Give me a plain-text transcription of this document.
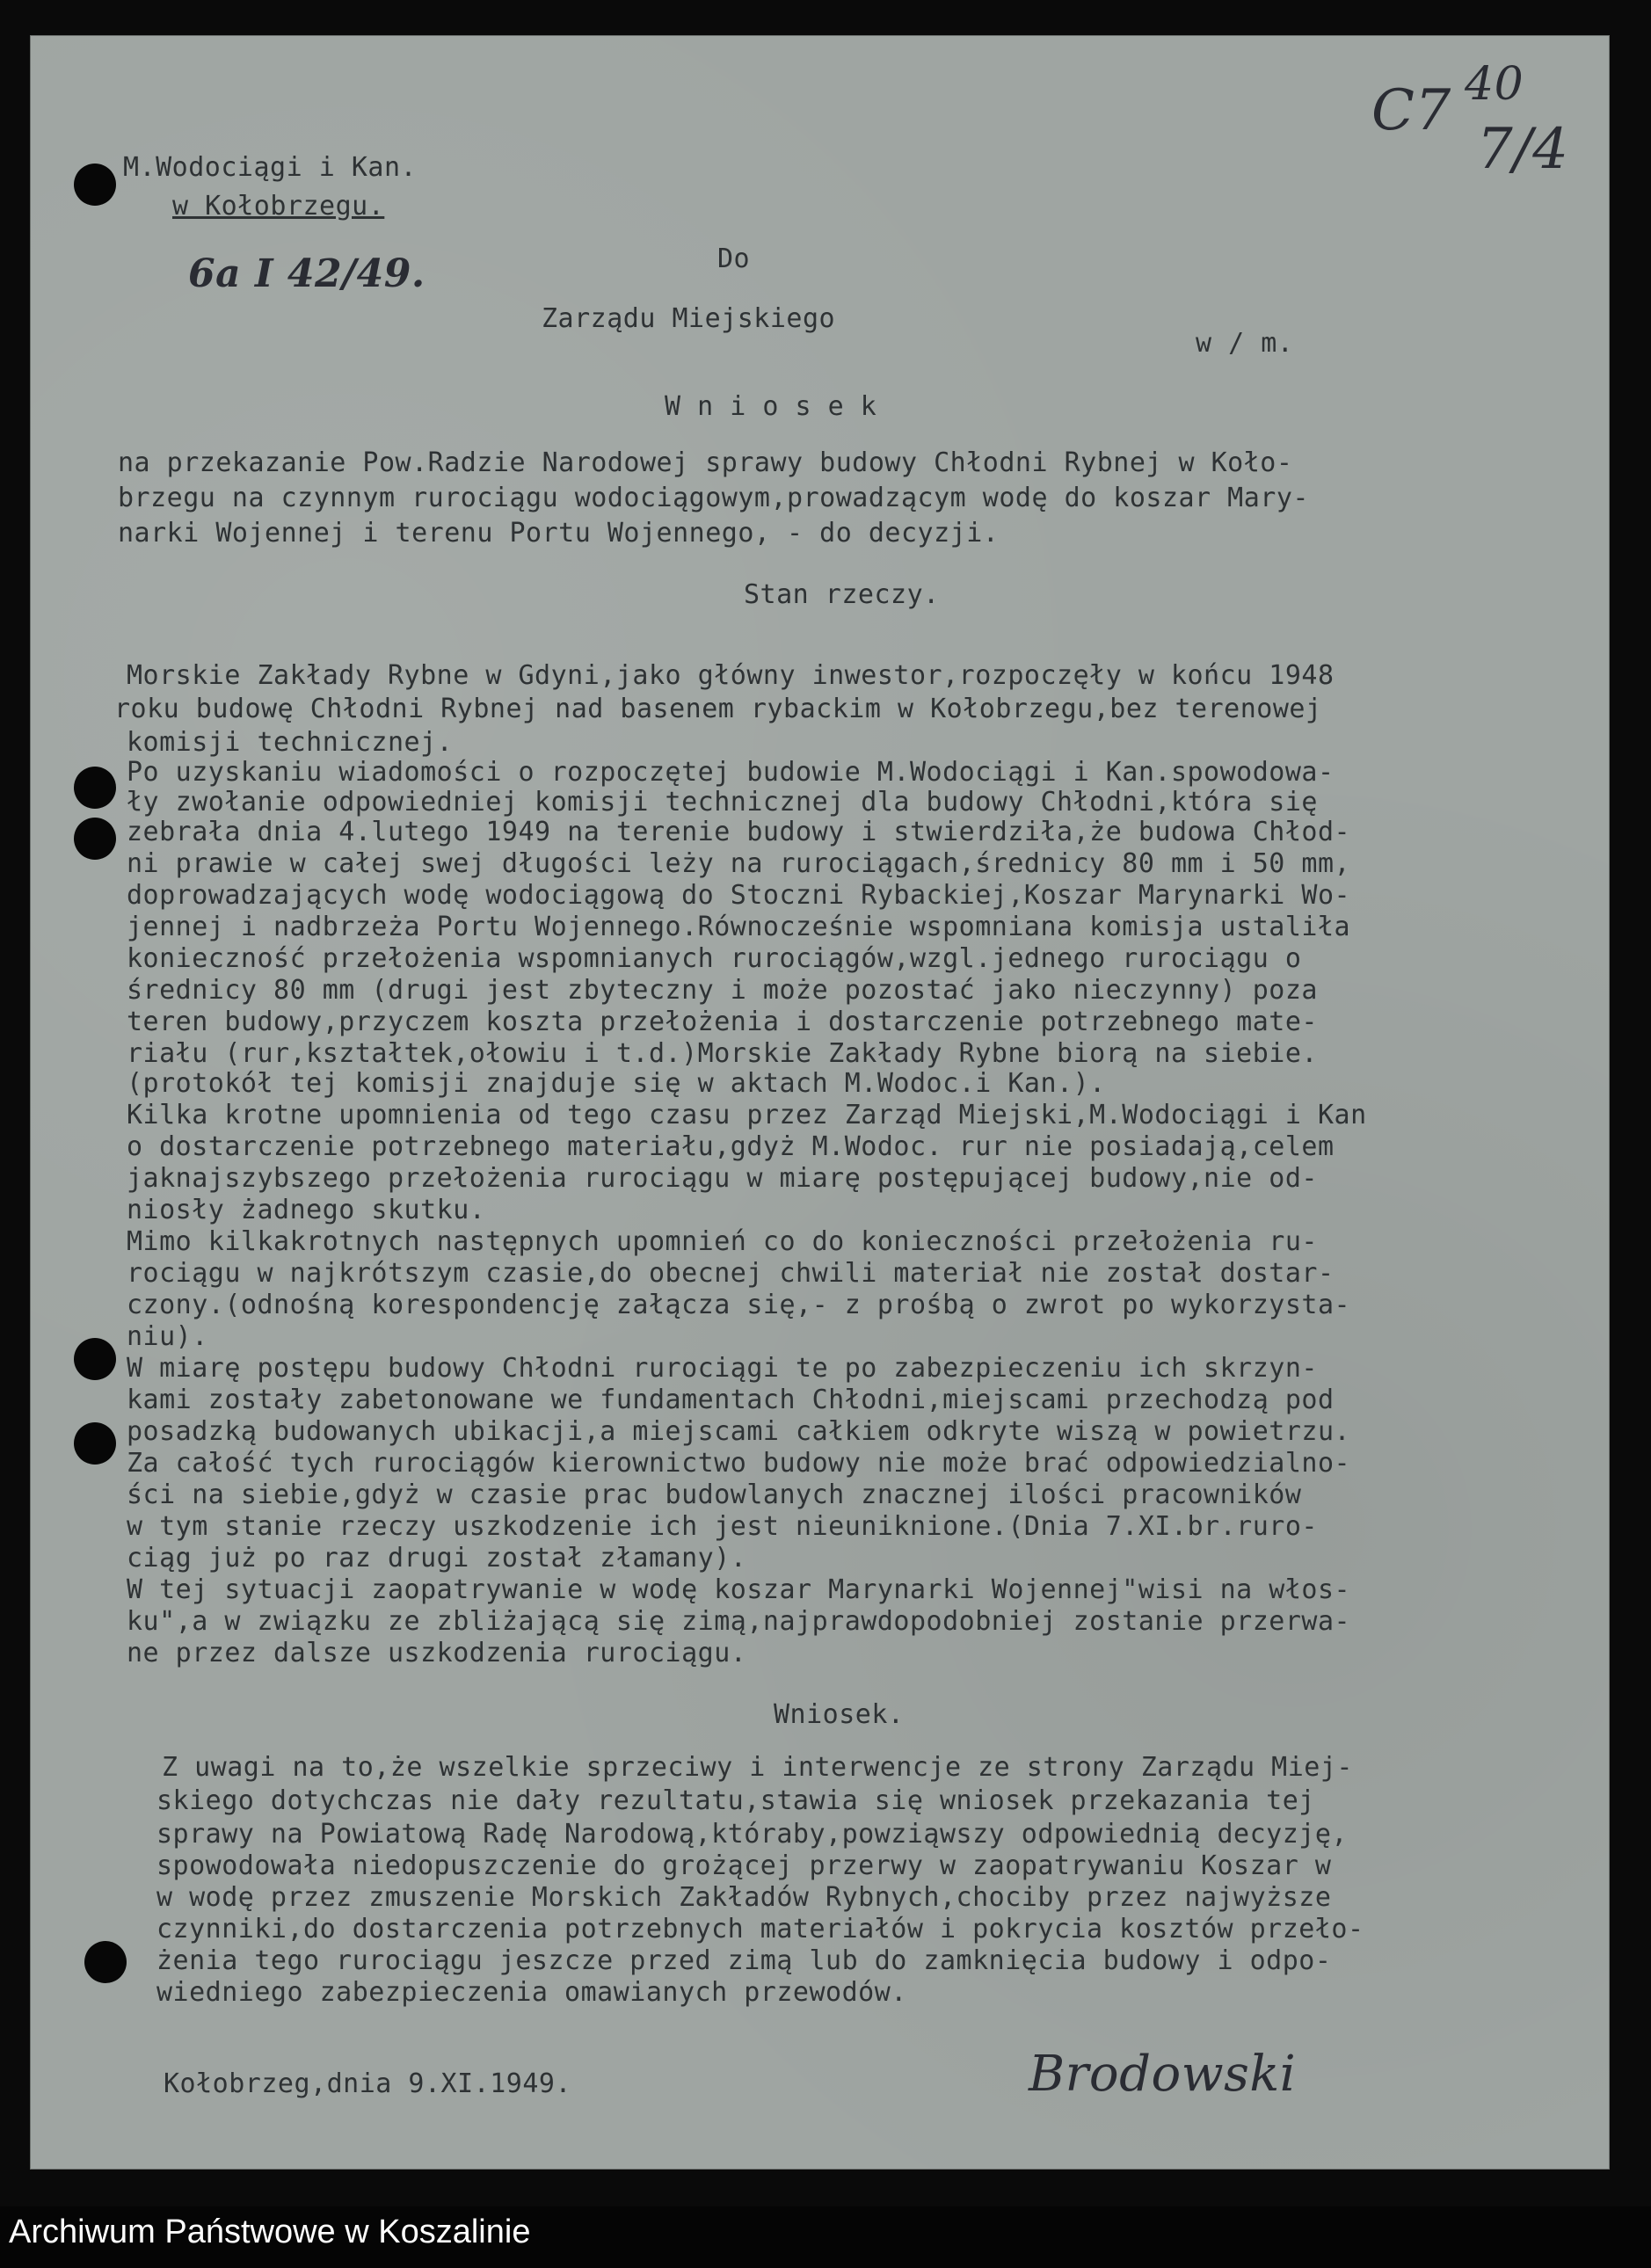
M.Wodociągi i Kan.
w Kołobrzegu.
6a I 42/49.
C7 40
7/4
Do
Zarządu Miejskiego
w / m.
W n i o s e k
na przekazanie Pow.Radzie Narodowej sprawy budowy Chłodni Rybnej w Koło-
brzegu na czynnym rurociągu wodociągowym,prowadzącym wodę do koszar Mary-
narki Wojennej i terenu Portu Wojennego, - do decyzji.
Stan rzeczy.
Morskie Zakłady Rybne w Gdyni,jako główny inwestor,rozpoczęły w końcu 1948
roku budowę Chłodni Rybnej nad basenem rybackim w Kołobrzegu,bez terenowej
komisji technicznej.
Po uzyskaniu wiadomości o rozpoczętej budowie M.Wodociągi i Kan.spowodowa-
ły zwołanie odpowiedniej komisji technicznej dla budowy Chłodni,która się
zebrała dnia 4.lutego 1949 na terenie budowy i stwierdziła,że budowa Chłod-
ni prawie w całej swej długości leży na rurociągach,średnicy 80 mm i 50 mm,
doprowadzających wodę wodociągową do Stoczni Rybackiej,Koszar Marynarki Wo-
jennej i nadbrzeża Portu Wojennego.Równocześnie wspomniana komisja ustaliła
konieczność przełożenia wspomnianych rurociągów,wzgl.jednego rurociągu o
średnicy 80 mm (drugi jest zbyteczny i może pozostać jako nieczynny) poza
teren budowy,przyczem koszta przełożenia i dostarczenie potrzebnego mate-
riału (rur,kształtek,ołowiu i t.d.)Morskie Zakłady Rybne biorą na siebie.
(protokół tej komisji znajduje się w aktach M.Wodoc.i Kan.).
Kilka krotne upomnienia od tego czasu przez Zarząd Miejski,M.Wodociągi i Kan
o dostarczenie potrzebnego materiału,gdyż M.Wodoc. rur nie posiadają,celem
jaknajszybszego przełożenia rurociągu w miarę postępującej budowy,nie od-
niosły żadnego skutku.
Mimo kilkakrotnych następnych upomnień co do konieczności przełożenia ru-
rociągu w najkrótszym czasie,do obecnej chwili materiał nie został dostar-
czony.(odnośną korespondencję załącza się,- z prośbą o zwrot po wykorzysta-
niu).
W miarę postępu budowy Chłodni rurociągi te po zabezpieczeniu ich skrzyn-
kami zostały zabetonowane we fundamentach Chłodni,miejscami przechodzą pod
posadzką budowanych ubikacji,a miejscami całkiem odkryte wiszą w powietrzu.
Za całość tych rurociągów kierownictwo budowy nie może brać odpowiedzialno-
ści na siebie,gdyż w czasie prac budowlanych znacznej ilości pracowników
w tym stanie rzeczy uszkodzenie ich jest nieuniknione.(Dnia 7.XI.br.ruro-
ciąg już po raz drugi został złamany).
W tej sytuacji zaopatrywanie w wodę koszar Marynarki Wojennej"wisi na włos-
ku",a w związku ze zbliżającą się zimą,najprawdopodobniej zostanie przerwa-
ne przez dalsze uszkodzenia rurociągu.
Wniosek.
Z uwagi na to,że wszelkie sprzeciwy i interwencje ze strony Zarządu Miej-
skiego dotychczas nie dały rezultatu,stawia się wniosek przekazania tej
sprawy na Powiatową Radę Narodową,któraby,powziąwszy odpowiednią decyzję,
spowodowała niedopuszczenie do grożącej przerwy w zaopatrywaniu Koszar w
w wodę przez zmuszenie Morskich Zakładów Rybnych,chociby przez najwyższe
czynniki,do dostarczenia potrzebnych materiałów i pokrycia kosztów przeło-
żenia tego rurociągu jeszcze przed zimą lub do zamknięcia budowy i odpo-
wiedniego zabezpieczenia omawianych przewodów.
Kołobrzeg,dnia 9.XI.1949.	Brodowski
Archiwum Państwowe w Koszalinie
